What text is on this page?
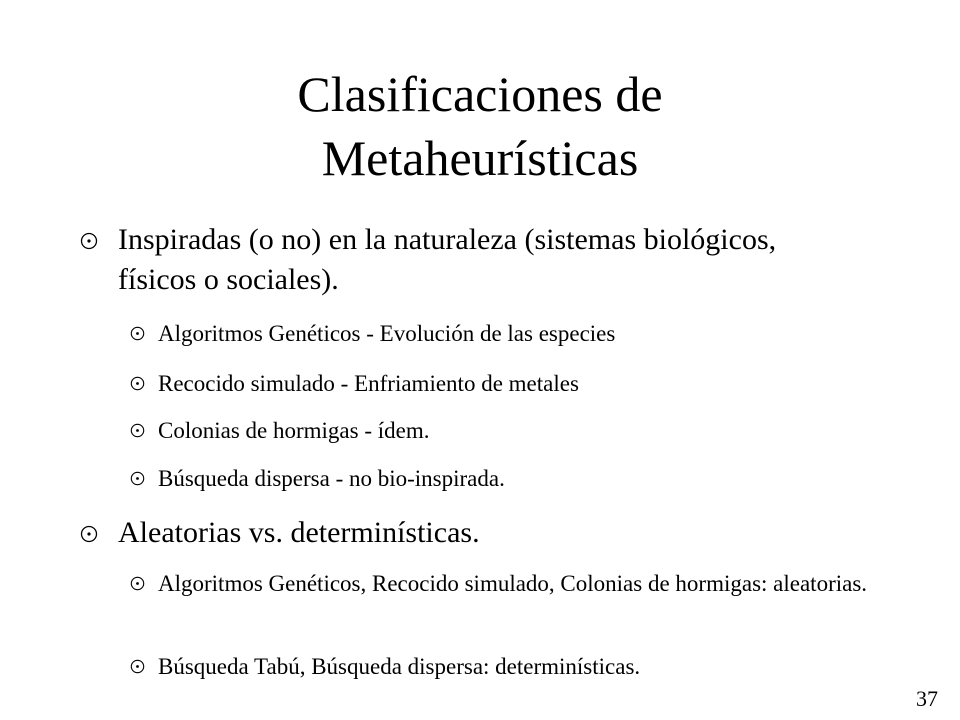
Clasificaciones de
Metaheurísticas
Inspiradas (o no) en la naturaleza (sistemas biológicos, físicos o sociales).
Algoritmos Genéticos - Evolución de las especies
Recocido simulado - Enfriamiento de metales
Colonias de hormigas - ídem.
Búsqueda dispersa - no bio-inspirada.
Aleatorias vs. determinísticas.
Algoritmos Genéticos, Recocido simulado, Colonias de hormigas: aleatorias.
Búsqueda Tabú, Búsqueda dispersa: determinísticas.
37
